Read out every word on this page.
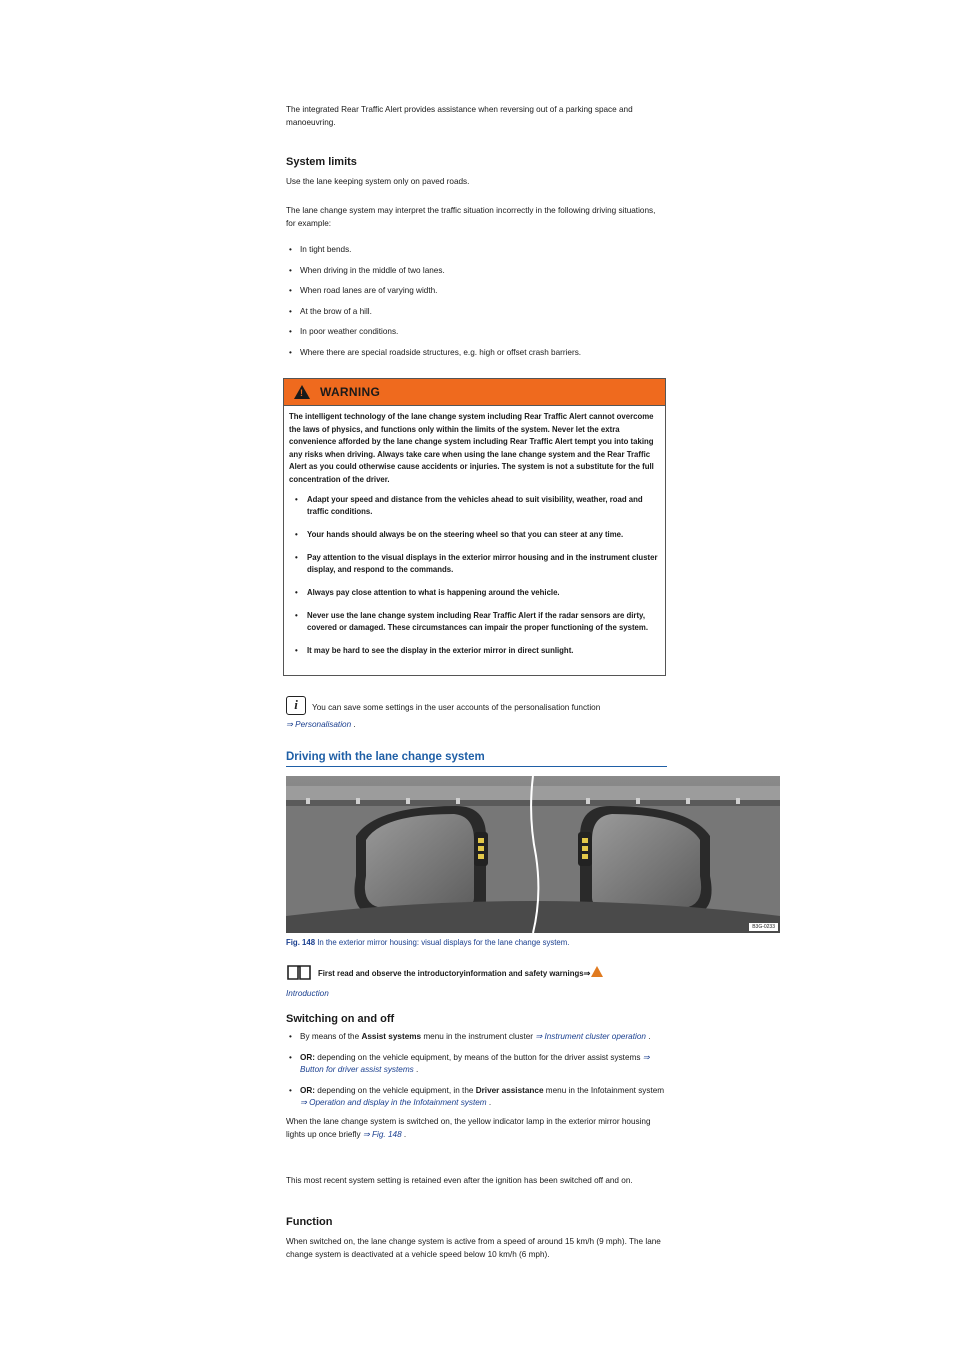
The integrated Rear Traffic Alert provides assistance when reversing out of a parking space and manoeuvring.

System limits

Use the lane keeping system only on paved roads.

The lane change system may interpret the traffic situation incorrectly in the following driving situations, for example:

• In tight bends.
• When driving in the middle of two lanes.
• When road lanes are of varying width.
• At the brow of a hill.
• In poor weather conditions.
• Where there are special roadside structures, e.g. high or offset crash barriers.
! WARNING

The intelligent technology of the lane change system including Rear Traffic Alert cannot overcome the laws of physics, and functions only within the limits of the system. Never let the extra convenience afforded by the lane change system including Rear Traffic Alert tempt you into taking any risks when driving. Always take care when using the lane change system and the Rear Traffic Alert as you could otherwise cause accidents or injuries. The system is not a substitute for the full concentration of the driver.

• Adapt your speed and distance from the vehicles ahead to suit visibility, weather, road and traffic conditions.
• Your hands should always be on the steering wheel so that you can steer at any time.
• Pay attention to the visual displays in the exterior mirror housing and in the instrument cluster display, and respond to the commands.
• Always pay close attention to what is happening around the vehicle.
• Never use the lane change system including Rear Traffic Alert if the radar sensors are dirty, covered or damaged. These circumstances can impair the proper functioning of the system.
• It may be hard to see the display in the exterior mirror in direct sunlight.
i	You can save some settings in the user accounts of the personalisation function

⇒ Personalisation .

Driving with the lane change system
B3G-0233
Fig. 148 In the exterior mirror housing: visual displays for the lane change system.
First read and observe the introductoryinformation and safety warnings⇒
Introduction
Switching on and off
• By means of the Assist systems menu in the instrument cluster ⇒ Instrument cluster operation .
• OR: depending on the vehicle equipment, by means of the button for the driver assist systems ⇒ Button for driver assist systems .
• OR: depending on the vehicle equipment, in the Driver assistance menu in the Infotainment system ⇒ Operation and display in the Infotainment system .

When the lane change system is switched on, the yellow indicator lamp in the exterior mirror housing lights up once briefly ⇒ Fig. 148 .

This most recent system setting is retained even after the ignition has been switched off and on.

Function

When switched on, the lane change system is active from a speed of around 15 km/h (9 mph). The lane change system is deactivated at a vehicle speed below 10 km/h (6 mph).
